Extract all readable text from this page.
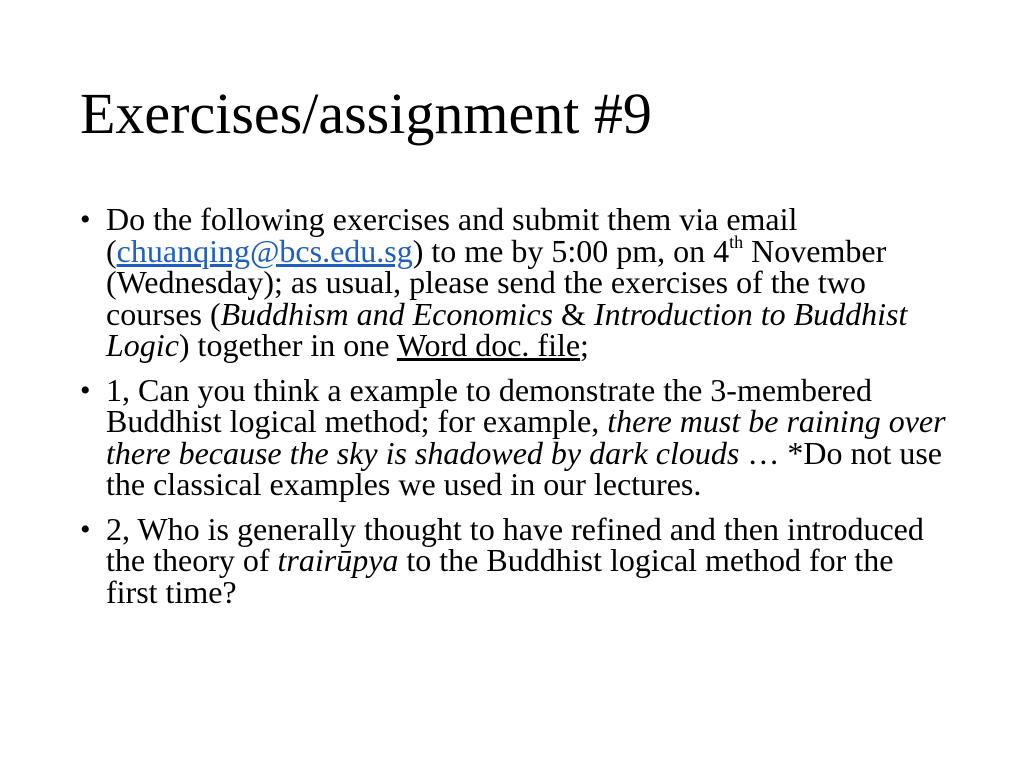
Exercises/assignment #9
• Do the following exercises and submit them via email (chuanqing@bcs.edu.sg) to me by 5:00 pm, on 4th November (Wednesday); as usual, please send the exercises of the two courses (Buddhism and Economics & Introduction to Buddhist Logic) together in one Word doc. file;
• 1, Can you think a example to demonstrate the 3-membered Buddhist logical method; for example, there must be raining over there because the sky is shadowed by dark clouds … *Do not use the classical examples we used in our lectures.
• 2, Who is generally thought to have refined and then introduced the theory of trairūpya to the Buddhist logical method for the first time?
